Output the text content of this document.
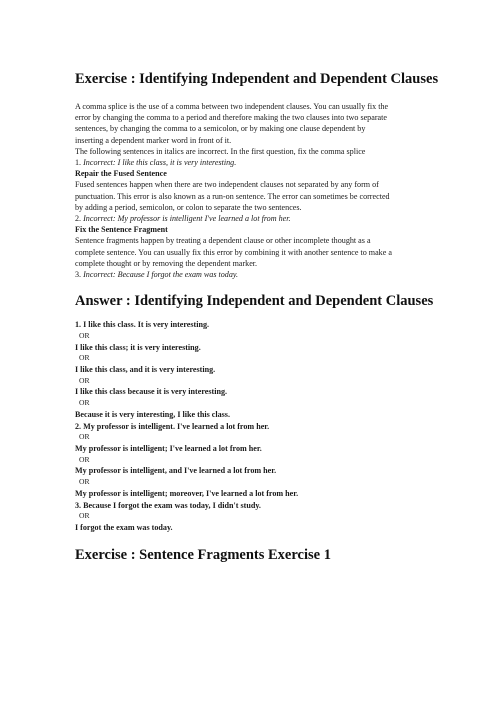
Exercise : Identifying Independent and Dependent Clauses

A comma splice is the use of a comma between two independent clauses. You can usually fix the

error by changing the comma to a period and therefore making the two clauses into two separate

sentences, by changing the comma to a semicolon, or by making one clause dependent by

inserting a dependent marker word in front of it.

The following sentences in italics are incorrect. In the first question, fix the comma splice

1. Incorrect: I like this class, it is very interesting.

Repair the Fused Sentence

Fused sentences happen when there are two independent clauses not separated by any form of

punctuation. This error is also known as a run-on sentence. The error can sometimes be corrected

by adding a period, semicolon, or colon to separate the two sentences.

2. Incorrect: My professor is intelligent I've learned a lot from her.

Fix the Sentence Fragment

Sentence fragments happen by treating a dependent clause or other incomplete thought as a

complete sentence. You can usually fix this error by combining it with another sentence to make a

complete thought or by removing the dependent marker.

3. Incorrect: Because I forgot the exam was today.

Answer : Identifying Independent and Dependent Clauses

1. I like this class. It is very interesting.

OR

I like this class; it is very interesting.

OR

I like this class, and it is very interesting.

OR

I like this class because it is very interesting.

OR

Because it is very interesting, I like this class.

2. My professor is intelligent. I've learned a lot from her.

OR

My professor is intelligent; I've learned a lot from her.

OR

My professor is intelligent, and I've learned a lot from her.

OR

My professor is intelligent; moreover, I've learned a lot from her.

3. Because I forgot the exam was today, I didn't study.

OR

I forgot the exam was today.

Exercise : Sentence Fragments Exercise 1
